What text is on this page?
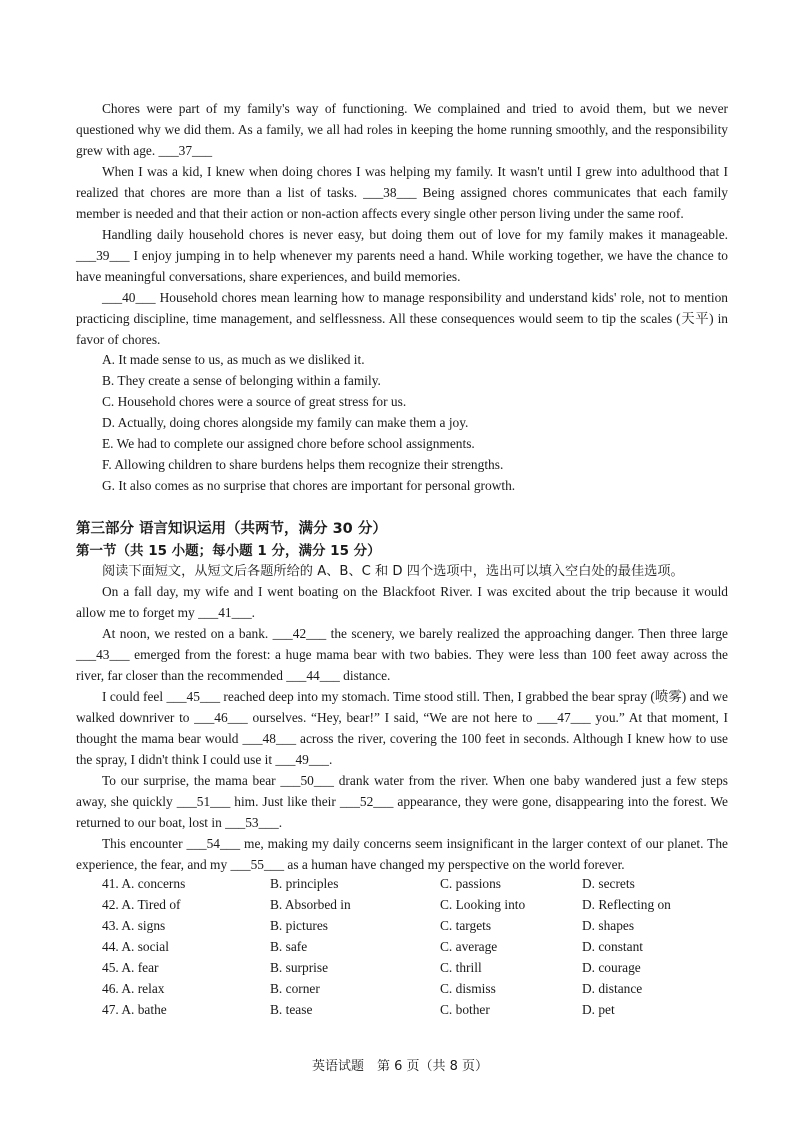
Chores were part of my family's way of functioning. We complained and tried to avoid them, but we never questioned why we did them. As a family, we all had roles in keeping the home running smoothly, and the responsibility grew with age. ___37___

When I was a kid, I knew when doing chores I was helping my family. It wasn't until I grew into adulthood that I realized that chores are more than a list of tasks. ___38___ Being assigned chores communicates that each family member is needed and that their action or non-action affects every single other person living under the same roof.

Handling daily household chores is never easy, but doing them out of love for my family makes it manageable. ___39___ I enjoy jumping in to help whenever my parents need a hand. While working together, we have the chance to have meaningful conversations, share experiences, and build memories.

___40___ Household chores mean learning how to manage responsibility and understand kids' role, not to mention practicing discipline, time management, and selflessness. All these consequences would seem to tip the scales (天平) in favor of chores.

A. It made sense to us, as much as we disliked it.

B. They create a sense of belonging within a family.

C. Household chores were a source of great stress for us.

D. Actually, doing chores alongside my family can make them a joy.

E. We had to complete our assigned chore before school assignments.

F. Allowing children to share burdens helps them recognize their strengths.

G. It also comes as no surprise that chores are important for personal growth.

第三部分 语言知识运用（共两节，满分 30 分）

第一节（共 15 小题；每小题 1 分，满分 15 分）

阅读下面短文，从短文后各题所给的 A、B、C 和 D 四个选项中，选出可以填入空白处的最佳选项。

On a fall day, my wife and I went boating on the Blackfoot River. I was excited about the trip because it would allow me to forget my ___41___.

At noon, we rested on a bank. ___42___ the scenery, we barely realized the approaching danger. Then three large ___43___ emerged from the forest: a huge mama bear with two babies. They were less than 100 feet away across the river, far closer than the recommended ___44___ distance.

I could feel ___45___ reached deep into my stomach. Time stood still. Then, I grabbed the bear spray (喷雾) and we walked downriver to ___46___ ourselves. “Hey, bear!” I said, “We are not here to ___47___ you.” At that moment, I thought the mama bear would ___48___ across the river, covering the 100 feet in seconds. Although I knew how to use the spray, I didn't think I could use it ___49___.

To our surprise, the mama bear ___50___ drank water from the river. When one baby wandered just a few steps away, she quickly ___51___ him. Just like their ___52___ appearance, they were gone, disappearing into the forest. We returned to our boat, lost in ___53___.

This encounter ___54___ me, making my daily concerns seem insignificant in the larger context of our planet. The experience, the fear, and my ___55___ as a human have changed my perspective on the world forever.

41. A. concerns	B. principles	C. passions	D. secrets
42. A. Tired of	B. Absorbed in	C. Looking into	D. Reflecting on
43. A. signs	B. pictures	C. targets	D. shapes
44. A. social	B. safe	C. average	D. constant
45. A. fear	B. surprise	C. thrill	D. courage
46. A. relax	B. corner	C. dismiss	D. distance
47. A. bathe	B. tease	C. bother	D. pet

英语试题　第 6 页（共 8 页）
